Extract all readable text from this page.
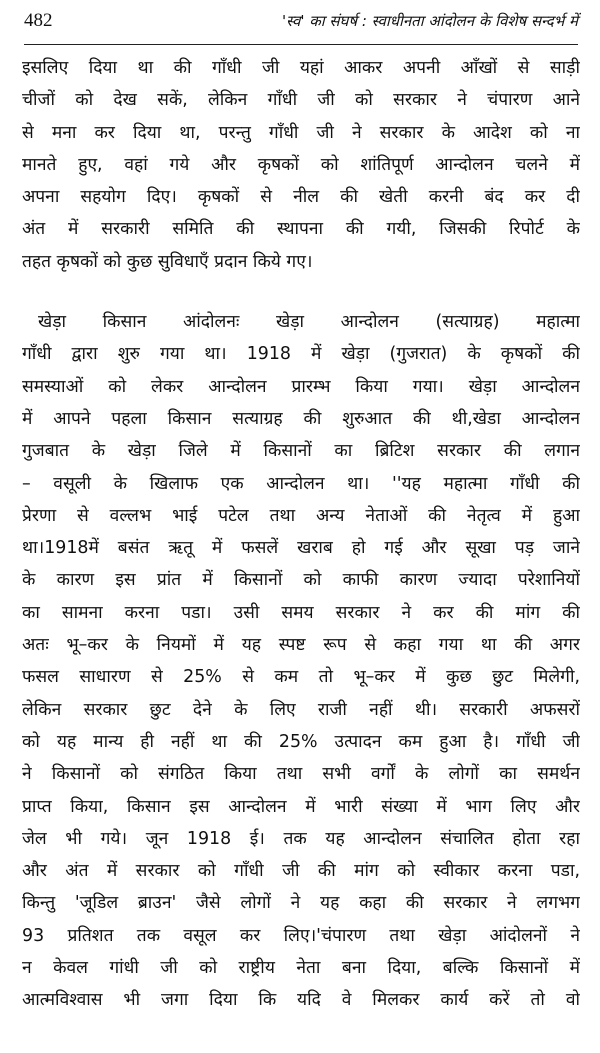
482	'स्व' का संघर्ष : स्वाधीनता आंदोलन के विशेष सन्दर्भ में
इसलिए दिया था की गाँधी जी यहां आकर अपनी आँखों से साड़ी
चीजों को देख सकें, लेकिन गाँधी जी को सरकार ने चंपारण आने
से मना कर दिया था, परन्तु गाँधी जी ने सरकार के आदेश को ना
मानते हुए, वहां गये और कृषकों को शांतिपूर्ण आन्दोलन चलने में
अपना सहयोग दिए। कृषकों से नील की खेती करनी बंद कर दी
अंत में सरकारी समिति की स्थापना की गयी, जिसकी रिपोर्ट के
तहत कृषकों को कुछ सुविधाएँ प्रदान किये गए।
खेड़ा किसान आंदोलनः खेड़ा आन्दोलन (सत्याग्रह) महात्मा
गाँधी द्वारा शुरु गया था। 1918 में खेड़ा (गुजरात) के कृषकों की
समस्याओं को लेकर आन्दोलन प्रारम्भ किया गया। खेड़ा आन्दोलन
में आपने पहला किसान सत्याग्रह की शुरुआत की थी,खेडा आन्दोलन
गुजबात के खेड़ा जिले में किसानों का ब्रिटिश सरकार की लगान
– वसूली के खिलाफ एक आन्दोलन था। ''यह महात्मा गाँधी की
प्रेरणा से वल्लभ भाई पटेल तथा अन्य नेताओं की नेतृत्व में हुआ
था।1918में बसंत ऋतू में फसलें खराब हो गई और सूखा पड़ जाने
के कारण इस प्रांत में किसानों को काफी कारण ज्यादा परेशानियों
का सामना करना पडा। उसी समय सरकार ने कर की मांग की
अतः भू–कर के नियमों में यह स्पष्ट रूप से कहा गया था की अगर
फसल साधारण से 25% से कम तो भू–कर में कुछ छुट मिलेगी,
लेकिन सरकार छुट देने के लिए राजी नहीं थी। सरकारी अफसरों
को यह मान्य ही नहीं था की 25% उत्पादन कम हुआ है। गाँधी जी
ने किसानों को संगठित किया तथा सभी वर्गों के लोगों का समर्थन
प्राप्त किया, किसान इस आन्दोलन में भारी संख्या में भाग लिए और
जेल भी गये। जून 1918 ई। तक यह आन्दोलन संचालित होता रहा
और अंत में सरकार को गाँधी जी की मांग को स्वीकार करना पडा,
किन्तु 'जूडिल ब्राउन' जैसे लोगों ने यह कहा की सरकार ने लगभग
93 प्रतिशत तक वसूल कर लिए।'चंपारण तथा खेड़ा आंदोलनों ने
न केवल गांधी जी को राष्ट्रीय नेता बना दिया, बल्कि किसानों में
आत्मविश्वास भी जगा दिया कि यदि वे मिलकर कार्य करें तो वो
